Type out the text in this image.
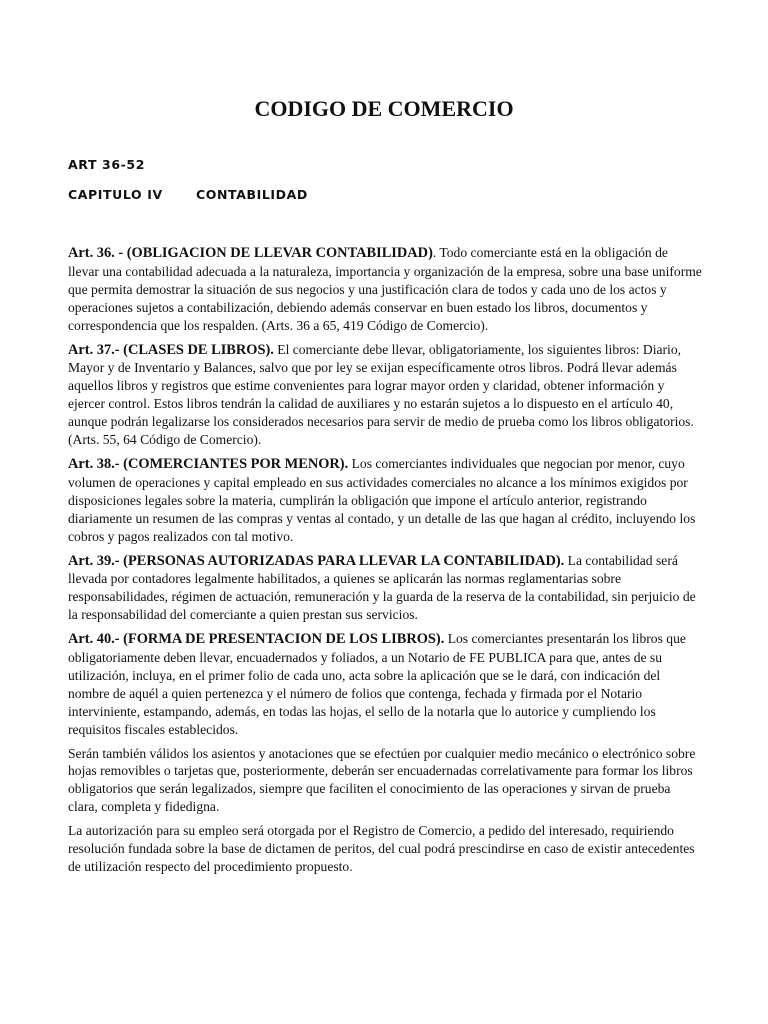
CODIGO DE COMERCIO
ART 36-52
CAPITULO IV	CONTABILIDAD

Art. 36. - (OBLIGACION DE LLEVAR CONTABILIDAD). Todo comerciante está en la obligación de llevar una contabilidad adecuada a la naturaleza, importancia y organización de la empresa, sobre una base uniforme que permita demostrar la situación de sus negocios y una justificación clara de todos y cada uno de los actos y operaciones sujetos a contabilización, debiendo además conservar en buen estado los libros, documentos y correspondencia que los respalden. (Arts. 36 a 65, 419 Código de Comercio).

Art. 37.- (CLASES DE LIBROS). El comerciante debe llevar, obligatoriamente, los siguientes libros: Diario, Mayor y de Inventario y Balances, salvo que por ley se exijan específicamente otros libros. Podrá llevar además aquellos libros y registros que estime convenientes para lograr mayor orden y claridad, obtener información y ejercer control. Estos libros tendrán la calidad de auxiliares y no estarán sujetos a lo dispuesto en el artículo 40, aunque podrán legalizarse los considerados necesarios para servir de medio de prueba como los libros obligatorios. (Arts. 55, 64 Código de Comercio).

Art. 38.- (COMERCIANTES POR MENOR). Los comerciantes individuales que negocian por menor, cuyo volumen de operaciones y capital empleado en sus actividades comerciales no alcance a los mínimos exigidos por disposiciones legales sobre la materia, cumplirán la obligación que impone el artículo anterior, registrando diariamente un resumen de las compras y ventas al contado, y un detalle de las que hagan al crédito, incluyendo los cobros y pagos realizados con tal motivo.

Art. 39.- (PERSONAS AUTORIZADAS PARA LLEVAR LA CONTABILIDAD). La contabilidad será llevada por contadores legalmente habilitados, a quienes se aplicarán las normas reglamentarias sobre responsabilidades, régimen de actuación, remuneración y la guarda de la reserva de la contabilidad, sin perjuicio de la responsabilidad del comerciante a quien prestan sus servicios.

Art. 40.- (FORMA DE PRESENTACION DE LOS LIBROS). Los comerciantes presentarán los libros que obligatoriamente deben llevar, encuadernados y foliados, a un Notario de FE PUBLICA para que, antes de su utilización, incluya, en el primer folio de cada uno, acta sobre la aplicación que se le dará, con indicación del nombre de aquél a quien pertenezca y el número de folios que contenga, fechada y firmada por el Notario interviniente, estampando, además, en todas las hojas, el sello de la notarla que lo autorice y cumpliendo los requisitos fiscales establecidos.

Serán también válidos los asientos y anotaciones que se efectúen por cualquier medio mecánico o electrónico sobre hojas removibles o tarjetas que, posteriormente, deberán ser encuadernadas correlativamente para formar los libros obligatorios que serán legalizados, siempre que faciliten el conocimiento de las operaciones y sirvan de prueba clara, completa y fidedigna.

La autorización para su empleo será otorgada por el Registro de Comercio, a pedido del interesado, requiriendo resolución fundada sobre la base de dictamen de peritos, del cual podrá prescindirse en caso de existir antecedentes de utilización respecto del procedimiento propuesto.
